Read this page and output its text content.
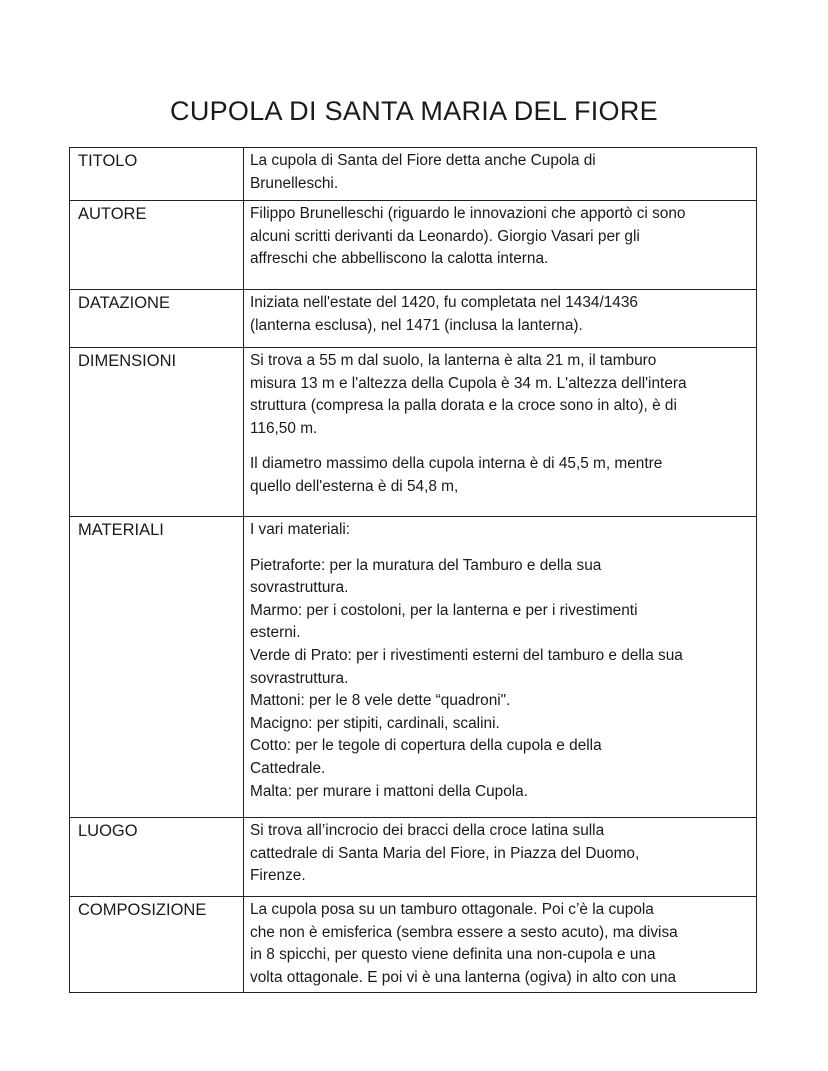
CUPOLA DI SANTA MARIA DEL FIORE
TITOLO	La cupola di Santa del Fiore detta anche Cupola di
Brunelleschi.
AUTORE	Filippo Brunelleschi (riguardo le innovazioni che apportò ci sono
alcuni scritti derivanti da Leonardo). Giorgio Vasari per gli
affreschi che abbelliscono la calotta interna.
DATAZIONE	Iniziata nell'estate del 1420, fu completata nel 1434/1436
(lanterna esclusa), nel 1471 (inclusa la lanterna).
DIMENSIONI	Si trova a 55 m dal suolo, la lanterna è alta 21 m, il tamburo
misura 13 m e l'altezza della Cupola è 34 m. L'altezza dell'intera
struttura (compresa la palla dorata e la croce sono in alto), è di
116,50 m.
Il diametro massimo della cupola interna è di 45,5 m, mentre
quello dell'esterna è di 54,8 m,
MATERIALI	I vari materiali:
Pietraforte: per la muratura del Tamburo e della sua
sovrastruttura.
Marmo: per i costoloni, per la lanterna e per i rivestimenti
esterni.
Verde di Prato: per i rivestimenti esterni del tamburo e della sua
sovrastruttura.
Mattoni: per le 8 vele dette “quadroni".
Macigno: per stipiti, cardinali, scalini.
Cotto: per le tegole di copertura della cupola e della
Cattedrale.
Malta: per murare i mattoni della Cupola.
LUOGO	Si trova all’incrocio dei bracci della croce latina sulla
cattedrale di Santa Maria del Fiore, in Piazza del Duomo,
Firenze.
COMPOSIZIONE	La cupola posa su un tamburo ottagonale. Poi c’è la cupola
che non è emisferica (sembra essere a sesto acuto), ma divisa
in 8 spicchi, per questo viene definita una non-cupola e una
volta ottagonale. E poi vi è una lanterna (ogiva) in alto con una
